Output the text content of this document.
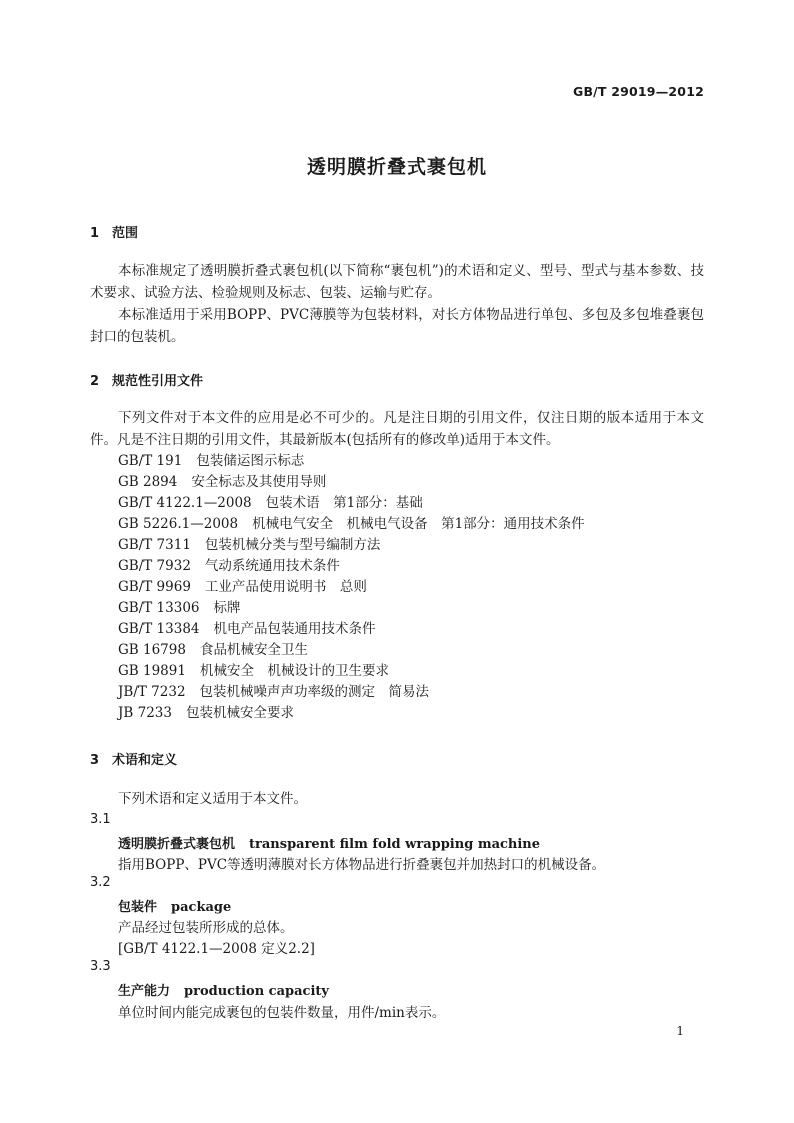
GB/T 29019—2012
透明膜折叠式裹包机
1 范围

本标准规定了透明膜折叠式裹包机(以下简称“裹包机”)的术语和定义、型号、型式与基本参数、技术要求、试验方法、检验规则及标志、包装、运输与贮存。

本标准适用于采用BOPP、PVC薄膜等为包装材料，对长方体物品进行单包、多包及多包堆叠裹包封口的包装机。

2 规范性引用文件

下列文件对于本文件的应用是必不可少的。凡是注日期的引用文件，仅注日期的版本适用于本文件。凡是不注日期的引用文件，其最新版本(包括所有的修改单)适用于本文件。

GB/T 191 包装储运图示标志
GB 2894 安全标志及其使用导则
GB/T 4122.1—2008 包装术语　第1部分：基础
GB 5226.1—2008 机械电气安全　机械电气设备　第1部分：通用技术条件
GB/T 7311 包装机械分类与型号编制方法
GB/T 7932 气动系统通用技术条件
GB/T 9969 工业产品使用说明书　总则
GB/T 13306 标牌
GB/T 13384 机电产品包装通用技术条件
GB 16798 食品机械安全卫生
GB 19891 机械安全　机械设计的卫生要求
JB/T 7232 包装机械噪声声功率级的测定　简易法
JB 7233 包装机械安全要求
3 术语和定义

下列术语和定义适用于本文件。

3.1
透明膜折叠式裹包机 transparent film fold wrapping machine
指用BOPP、PVC等透明薄膜对长方体物品进行折叠裹包并加热封口的机械设备。
3.2
包装件 package
产品经过包装所形成的总体。
[GB/T 4122.1—2008 定义2.2]
3.3
生产能力 production capacity
单位时间内能完成裹包的包装件数量，用件/min表示。
1
